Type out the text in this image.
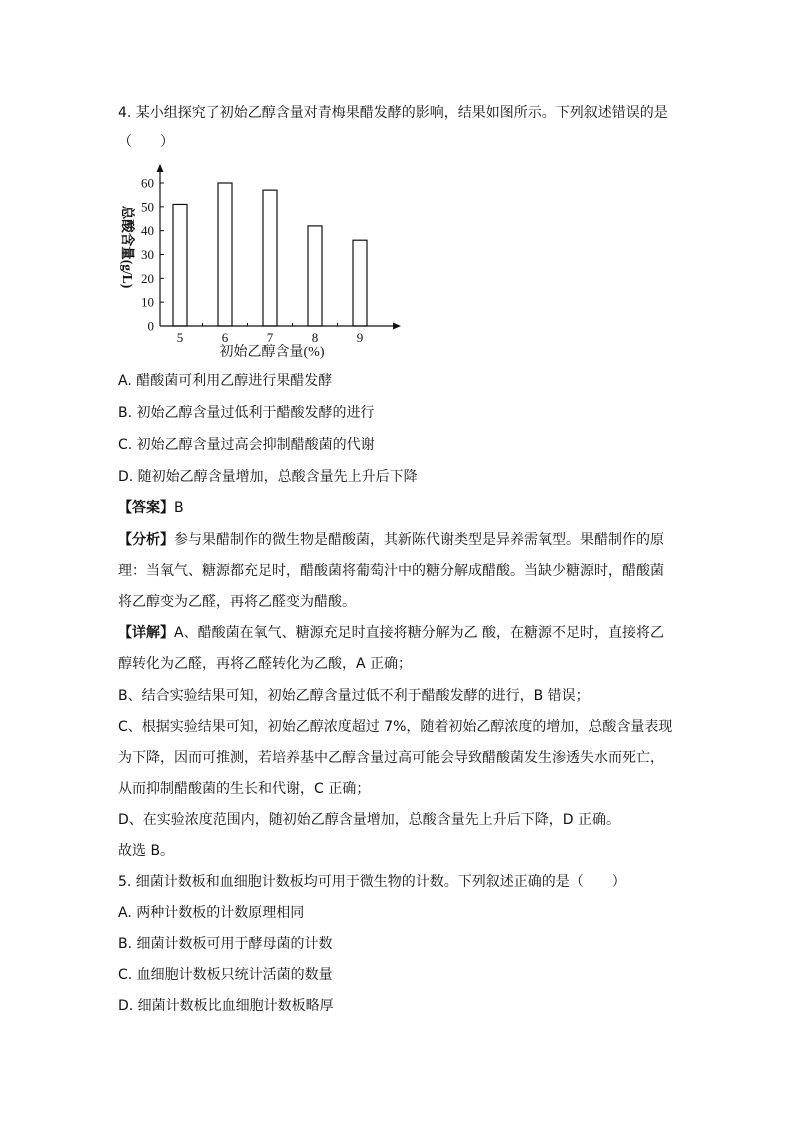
4. 某小组探究了初始乙醇含量对青梅果醋发酵的影响，结果如图所示。下列叙述错误的是
（　　）
0
10
20
30
40
50
60
5	6	7	8	9
总酸含量(g/L)
初始乙醇含量(%)
A. 醋酸菌可利用乙醇进行果醋发酵
B. 初始乙醇含量过低利于醋酸发酵的进行
C. 初始乙醇含量过高会抑制醋酸菌的代谢
D. 随初始乙醇含量增加，总酸含量先上升后下降
【答案】B
【分析】参与果醋制作的微生物是醋酸菌，其新陈代谢类型是异养需氧型。果醋制作的原
理：当氧气、糖源都充足时，醋酸菌将葡萄汁中的糖分解成醋酸。当缺少糖源时，醋酸菌
将乙醇变为乙醛，再将乙醛变为醋酸。
【详解】A、醋酸菌在氧气、糖源充足时直接将糖分解为乙 酸，在糖源不足时，直接将乙
醇转化为乙醛，再将乙醛转化为乙酸，A 正确；
B、结合实验结果可知，初始乙醇含量过低不利于醋酸发酵的进行，B 错误；
C、根据实验结果可知，初始乙醇浓度超过 7%，随着初始乙醇浓度的增加，总酸含量表现
为下降，因而可推测，若培养基中乙醇含量过高可能会导致醋酸菌发生渗透失水而死亡，
从而抑制醋酸菌的生长和代谢，C 正确；
D、在实验浓度范围内，随初始乙醇含量增加，总酸含量先上升后下降，D 正确。
故选 B。
5. 细菌计数板和血细胞计数板均可用于微生物的计数。下列叙述正确的是（　　）
A. 两种计数板的计数原理相同
B. 细菌计数板可用于酵母菌的计数
C. 血细胞计数板只统计活菌的数量
D. 细菌计数板比血细胞计数板略厚
